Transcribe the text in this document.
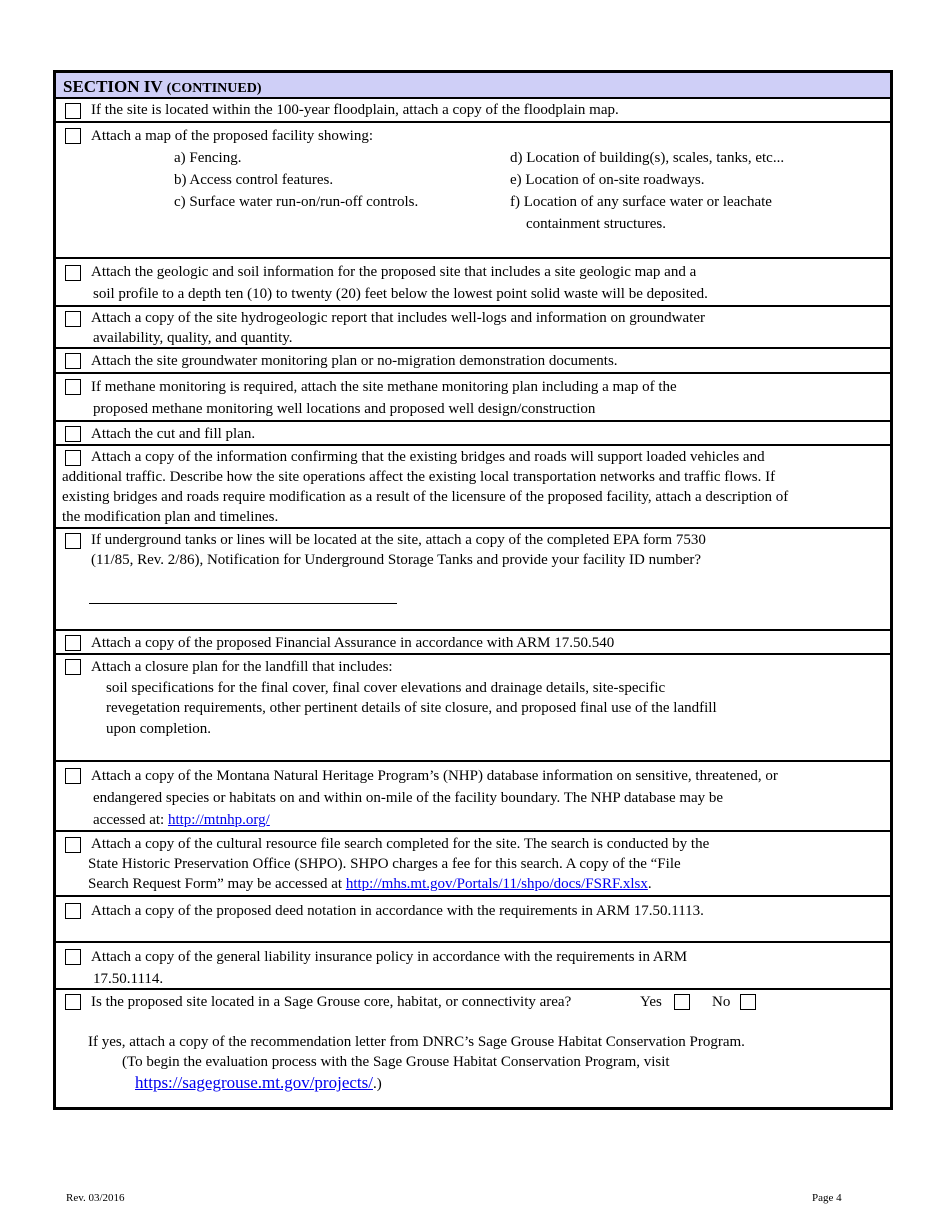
SECTION IV (CONTINUED)
If the site is located within the 100-year floodplain, attach a copy of the floodplain map.
Attach a map of the proposed facility showing:
a) Fencing.
b) Access control features.
c) Surface water run-on/run-off controls.
d) Location of building(s), scales, tanks, etc...
e) Location of on-site roadways.
f) Location of any surface water or leachate
containment structures.
Attach the geologic and soil information for the proposed site that includes a site geologic map and a
soil profile to a depth ten (10) to twenty (20) feet below the lowest point solid waste will be deposited.
Attach a copy of the site hydrogeologic report that includes well-logs and information on groundwater
availability, quality, and quantity.
Attach the site groundwater monitoring plan or no-migration demonstration documents.
If methane monitoring is required, attach the site methane monitoring plan including a map of the
proposed methane monitoring well locations and proposed well design/construction
Attach the cut and fill plan.
Attach a copy of the information confirming that the existing bridges and roads will support loaded vehicles and
additional traffic. Describe how the site operations affect the existing local transportation networks and traffic flows. If
existing bridges and roads require modification as a result of the licensure of the proposed facility, attach a description of
the modification plan and timelines.
If underground tanks or lines will be located at the site, attach a copy of the completed EPA form 7530
(11/85, Rev. 2/86), Notification for Underground Storage Tanks and provide your facility ID number?
Attach a copy of the proposed Financial Assurance in accordance with ARM 17.50.540
Attach a closure plan for the landfill that includes:
soil specifications for the final cover, final cover elevations and drainage details, site-specific
revegetation requirements, other pertinent details of site closure, and proposed final use of the landfill
upon completion.
Attach a copy of the Montana Natural Heritage Program’s (NHP) database information on sensitive, threatened, or
endangered species or habitats on and within on-mile of the facility boundary. The NHP database may be
accessed at: http://mtnhp.org/
Attach a copy of the cultural resource file search completed for the site. The search is conducted by the
State Historic Preservation Office (SHPO). SHPO charges a fee for this search. A copy of the “File
Search Request Form” may be accessed at http://mhs.mt.gov/Portals/11/shpo/docs/FSRF.xlsx.
Attach a copy of the proposed deed notation in accordance with the requirements in ARM 17.50.1113.
Attach a copy of the general liability insurance policy in accordance with the requirements in ARM
17.50.1114.
Is the proposed site located in a Sage Grouse core, habitat, or connectivity area?	Yes	No
If yes, attach a copy of the recommendation letter from DNRC’s Sage Grouse Habitat Conservation Program.
(To begin the evaluation process with the Sage Grouse Habitat Conservation Program, visit
https://sagegrouse.mt.gov/projects/.)
Rev. 03/2016	Page 4
